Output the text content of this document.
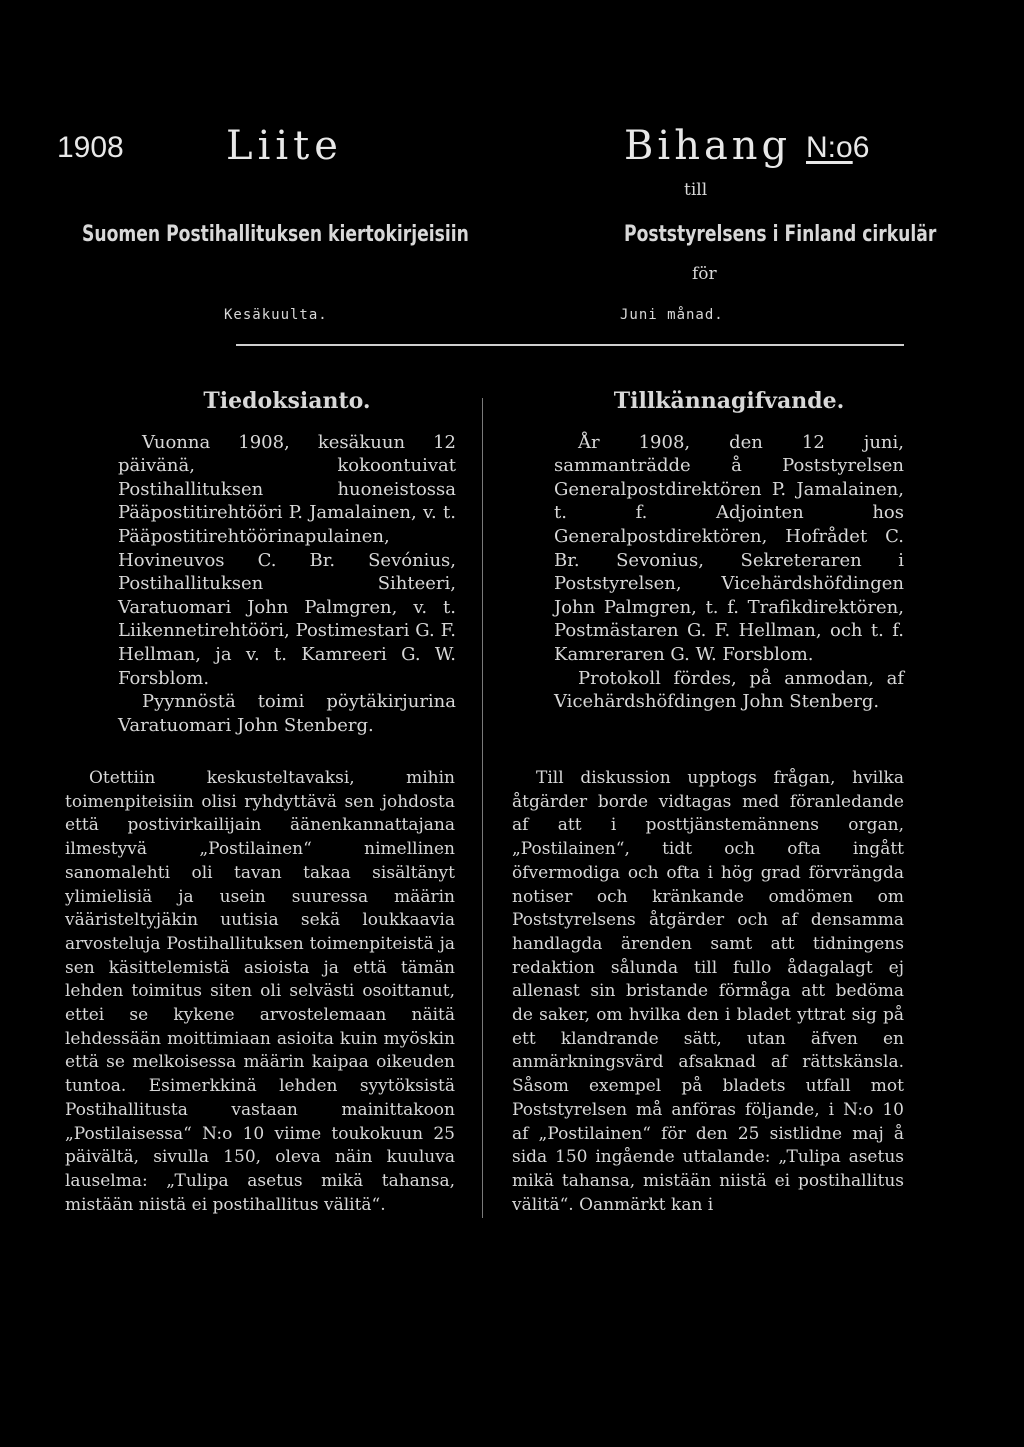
1908	Liite	Bihang N:o6
till
Suomen Postihallituksen kiertokirjeisiin	Poststyrelsens i Finland cirkulär
för
Kesäkuulta.	Juni månad.

Tiedoksianto.

Vuonna 1908, kesäkuun 12 päivänä, kokoontuivat Postihallituksen huoneistossa Pääpostitirehtööri P. Jamalainen, v. t. Pääpostitirehtöörinapulainen, Hovineuvos C. Br. Sevónius, Postihallituksen Sihteeri, Varatuomari John Palmgren, v. t. Liikennetirehtööri, Postimestari G. F. Hellman, ja v. t. Kamreeri G. W. Forsblom.

Pyynnöstä toimi pöytäkirjurina Varatuomari John Stenberg.

Tillkännagifvande.

År 1908, den 12 juni, sammanträdde å Poststyrelsen Generalpostdirektören P. Jamalainen, t. f. Adjointen hos Generalpostdirektören, Hofrådet C. Br. Sevonius, Sekreteraren i Poststyrelsen, Vicehärdshöfdingen John Palmgren, t. f. Trafikdirektören, Postmästaren G. F. Hellman, och t. f. Kamreraren G. W. Forsblom.

Protokoll fördes, på anmodan, af Vicehärdshöfdingen John Stenberg.

Otettiin keskusteltavaksi, mihin toimenpiteisiin olisi ryhdyttävä sen johdosta että postivirkailijain äänenkannattajana ilmestyvä „Postilainen“ nimellinen sanomalehti oli tavan takaa sisältänyt ylimielisiä ja usein suuressa määrin vääristeltyjäkin uutisia sekä loukkaavia arvosteluja Postihallituksen toimenpiteistä ja sen käsittelemistä asioista ja että tämän lehden toimitus siten oli selvästi osoittanut, ettei se kykene arvostelemaan näitä lehdessään moittimiaan asioita kuin myöskin että se melkoisessa määrin kaipaa oikeuden tuntoa. Esimerkkinä lehden syytöksistä Postihallitusta vastaan mainittakoon „Postilaisessa“ N:o 10 viime toukokuun 25 päivältä, sivulla 150, oleva näin kuuluva lauselma: „Tulipa asetus mikä tahansa, mistään niistä ei postihallitus välitä“.

Till diskussion upptogs frågan, hvilka åtgärder borde vidtagas med föranledande af att i posttjänstemännens organ, „Postilainen“, tidt och ofta ingått öfvermodiga och ofta i hög grad förvrängda notiser och kränkande omdömen om Poststyrelsens åtgärder och af densamma handlagda ärenden samt att tidningens redaktion sålunda till fullo ådagalagt ej allenast sin bristande förmåga att bedöma de saker, om hvilka den i bladet yttrat sig på ett klandrande sätt, utan äfven en anmärkningsvärd afsaknad af rättskänsla. Såsom exempel på bladets utfall mot Poststyrelsen må anföras följande, i N:o 10 af „Postilainen“ för den 25 sistlidne maj å sida 150 ingående uttalande: „Tulipa asetus mikä tahansa, mistään niistä ei postihallitus välitä“. Oanmärkt kan i
